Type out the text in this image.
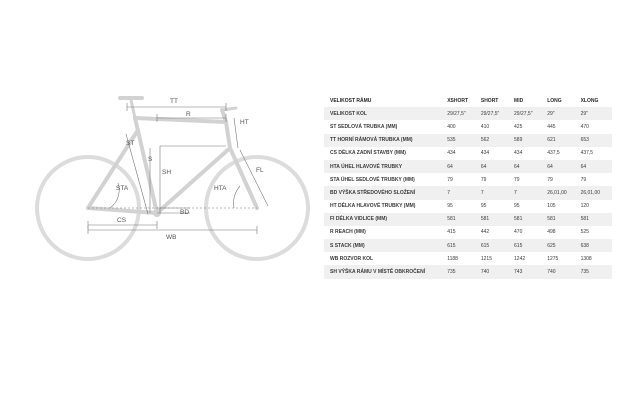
TT
R
HT
ST
S
SH	FL
STA	HTA
BD
CS
WB
VELIKOST RÁMU	XSHORT	SHORT	MID	LONG	XLONG
VELIKOST KOL	29/27,5"	29/27,5"	29/27,5"	29"	29"
ST SEDLOVÁ TRUBKA (MM)	400	410	425	445	470
TT HORNÍ RÁMOVÁ TRUBKA (MM)	535	562	589	621	653
CS DÉLKA ZADNÍ STAVBY (MM)	434	434	434	437,5	437,5
HTA ÚHEL HLAVOVÉ TRUBKY	64	64	64	64	64
STA ÚHEL SEDLOVÉ TRUBKY (MM)	79	79	79	79	79
BD VÝŠKA STŘEDOVÉHO SLOŽENÍ	7	7	7	26,01,00	26,01,00
HT DÉLKA HLAVOVÉ TRUBKY (MM)	95	95	95	105	120
FI DÉLKA VIDLICE (MM)	581	581	581	581	581
R REACH (MM)	415	442	470	498	525
S STACK (MM)	615	615	615	625	638
WB ROZVOR KOL	1188	1215	1242	1275	1308
SH VÝŠKA RÁMU V MÍSTĚ OBKROČENÍ	735	740	743	740	735
